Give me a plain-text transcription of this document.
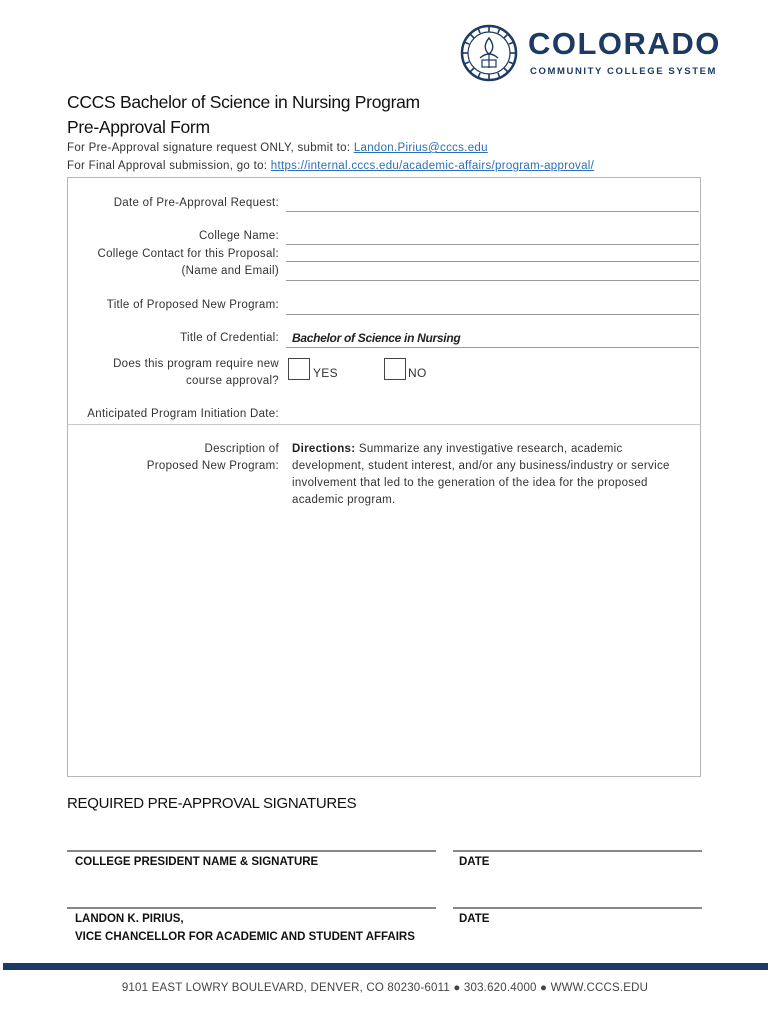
COLORADO
COMMUNITY COLLEGE SYSTEM
CCCS Bachelor of Science in Nursing Program
Pre-Approval Form
For Pre-Approval signature request ONLY, submit to: Landon.Pirius@cccs.edu
For Final Approval submission, go to: https://internal.cccs.edu/academic-affairs/program-approval/
Date of Pre-Approval Request:
College Name:
College Contact for this Proposal:
(Name and Email)
Title of Proposed New Program:
Title of Credential: Bachelor of Science in Nursing
Does this program require new
course approval?
YES	NO
Anticipated Program Initiation Date:
Description of
Proposed New Program:
Directions: Summarize any investigative research, academic development, student interest, and/or any business/industry or service involvement that led to the generation of the idea for the proposed academic program.
REQUIRED PRE-APPROVAL SIGNATURES
COLLEGE PRESIDENT NAME & SIGNATURE	DATE
LANDON K. PIRIUS,
VICE CHANCELLOR FOR ACADEMIC AND STUDENT AFFAIRS
DATE
9101 EAST LOWRY BOULEVARD, DENVER, CO 80230-6011 ● 303.620.4000 ● WWW.CCCS.EDU
